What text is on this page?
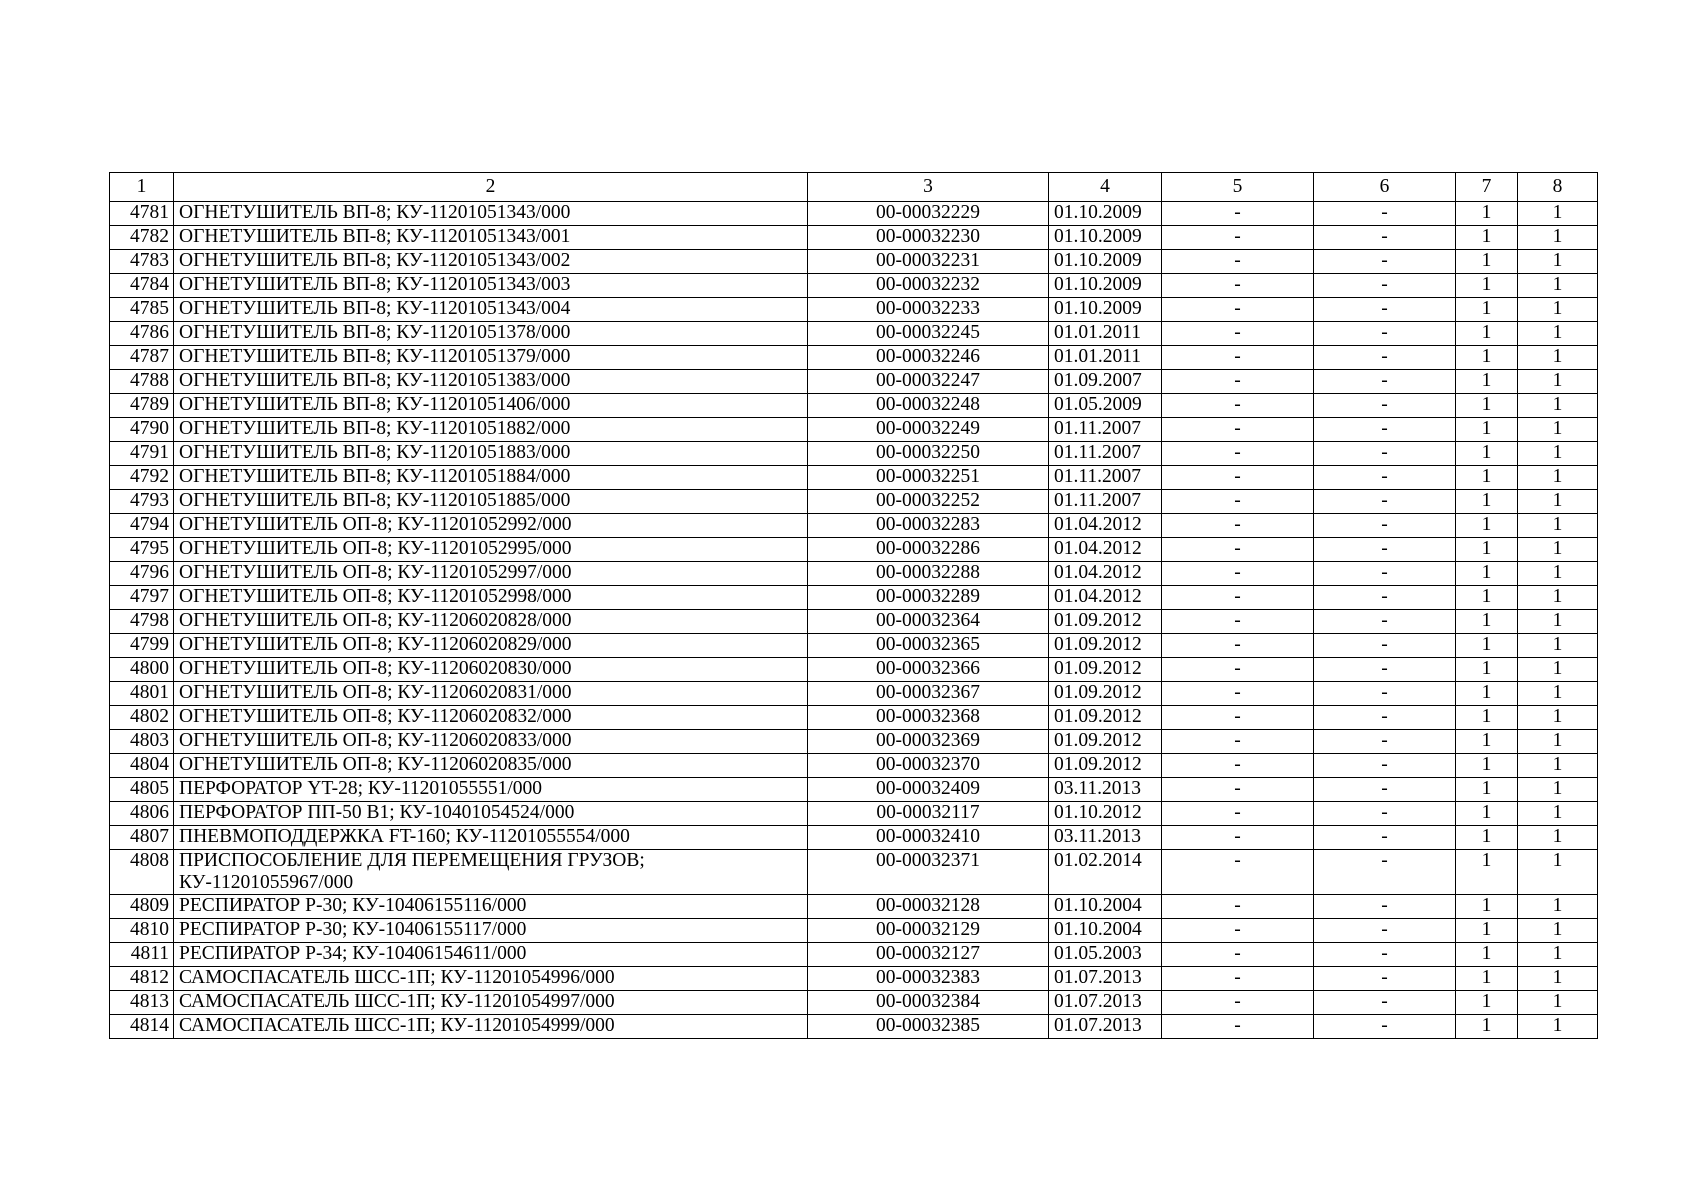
1	2	3	4	5	6	7	8
4781	ОГНЕТУШИТЕЛЬ ВП-8; КУ-11201051343/000	00-00032229	01.10.2009	-	-	1	1
4782	ОГНЕТУШИТЕЛЬ ВП-8; КУ-11201051343/001	00-00032230	01.10.2009	-	-	1	1
4783	ОГНЕТУШИТЕЛЬ ВП-8; КУ-11201051343/002	00-00032231	01.10.2009	-	-	1	1
4784	ОГНЕТУШИТЕЛЬ ВП-8; КУ-11201051343/003	00-00032232	01.10.2009	-	-	1	1
4785	ОГНЕТУШИТЕЛЬ ВП-8; КУ-11201051343/004	00-00032233	01.10.2009	-	-	1	1
4786	ОГНЕТУШИТЕЛЬ ВП-8; КУ-11201051378/000	00-00032245	01.01.2011	-	-	1	1
4787	ОГНЕТУШИТЕЛЬ ВП-8; КУ-11201051379/000	00-00032246	01.01.2011	-	-	1	1
4788	ОГНЕТУШИТЕЛЬ ВП-8; КУ-11201051383/000	00-00032247	01.09.2007	-	-	1	1
4789	ОГНЕТУШИТЕЛЬ ВП-8; КУ-11201051406/000	00-00032248	01.05.2009	-	-	1	1
4790	ОГНЕТУШИТЕЛЬ ВП-8; КУ-11201051882/000	00-00032249	01.11.2007	-	-	1	1
4791	ОГНЕТУШИТЕЛЬ ВП-8; КУ-11201051883/000	00-00032250	01.11.2007	-	-	1	1
4792	ОГНЕТУШИТЕЛЬ ВП-8; КУ-11201051884/000	00-00032251	01.11.2007	-	-	1	1
4793	ОГНЕТУШИТЕЛЬ ВП-8; КУ-11201051885/000	00-00032252	01.11.2007	-	-	1	1
4794	ОГНЕТУШИТЕЛЬ ОП-8; КУ-11201052992/000	00-00032283	01.04.2012	-	-	1	1
4795	ОГНЕТУШИТЕЛЬ ОП-8; КУ-11201052995/000	00-00032286	01.04.2012	-	-	1	1
4796	ОГНЕТУШИТЕЛЬ ОП-8; КУ-11201052997/000	00-00032288	01.04.2012	-	-	1	1
4797	ОГНЕТУШИТЕЛЬ ОП-8; КУ-11201052998/000	00-00032289	01.04.2012	-	-	1	1
4798	ОГНЕТУШИТЕЛЬ ОП-8; КУ-11206020828/000	00-00032364	01.09.2012	-	-	1	1
4799	ОГНЕТУШИТЕЛЬ ОП-8; КУ-11206020829/000	00-00032365	01.09.2012	-	-	1	1
4800	ОГНЕТУШИТЕЛЬ ОП-8; КУ-11206020830/000	00-00032366	01.09.2012	-	-	1	1
4801	ОГНЕТУШИТЕЛЬ ОП-8; КУ-11206020831/000	00-00032367	01.09.2012	-	-	1	1
4802	ОГНЕТУШИТЕЛЬ ОП-8; КУ-11206020832/000	00-00032368	01.09.2012	-	-	1	1
4803	ОГНЕТУШИТЕЛЬ ОП-8; КУ-11206020833/000	00-00032369	01.09.2012	-	-	1	1
4804	ОГНЕТУШИТЕЛЬ ОП-8; КУ-11206020835/000	00-00032370	01.09.2012	-	-	1	1
4805	ПЕРФОРАТОР YT-28; КУ-11201055551/000	00-00032409	03.11.2013	-	-	1	1
4806	ПЕРФОРАТОР ПП-50 В1; КУ-10401054524/000	00-00032117	01.10.2012	-	-	1	1
4807	ПНЕВМОПОДДЕРЖКА FT-160; КУ-11201055554/000	00-00032410	03.11.2013	-	-	1	1
4808	ПРИСПОСОБЛЕНИЕ ДЛЯ ПЕРЕМЕЩЕНИЯ ГРУЗОВ; КУ-11201055967/000	00-00032371	01.02.2014	-	-	1	1
4809	РЕСПИРАТОР Р-30; КУ-10406155116/000	00-00032128	01.10.2004	-	-	1	1
4810	РЕСПИРАТОР Р-30; КУ-10406155117/000	00-00032129	01.10.2004	-	-	1	1
4811	РЕСПИРАТОР Р-34; КУ-10406154611/000	00-00032127	01.05.2003	-	-	1	1
4812	САМОСПАСАТЕЛЬ ШСС-1П; КУ-11201054996/000	00-00032383	01.07.2013	-	-	1	1
4813	САМОСПАСАТЕЛЬ ШСС-1П; КУ-11201054997/000	00-00032384	01.07.2013	-	-	1	1
4814	САМОСПАСАТЕЛЬ ШСС-1П; КУ-11201054999/000	00-00032385	01.07.2013	-	-	1	1
